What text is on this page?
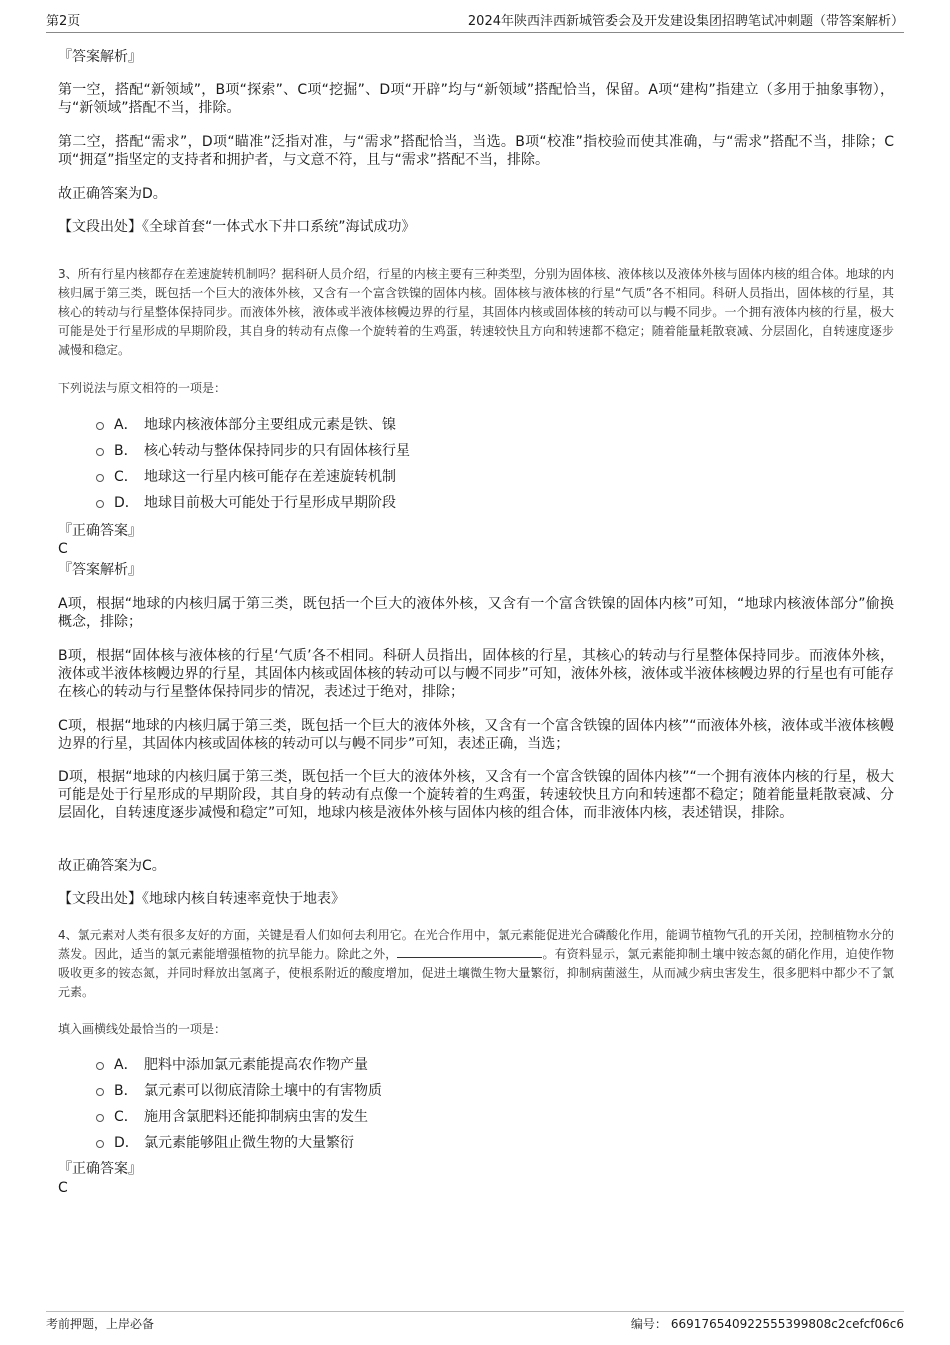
第2页	2024年陕西沣西新城管委会及开发建设集团招聘笔试冲刺题（带答案解析）
『答案解析』

第一空，搭配“新领域”，B项“探索”、C项“挖掘”、D项“开辟”均与“新领域”搭配恰当，保留。A项“建构”指建立（多用于抽象事物），与“新领域”搭配不当，排除。

第二空，搭配“需求”，D项“瞄准”泛指对准，与“需求”搭配恰当，当选。B项“校准”指校验而使其准确，与“需求”搭配不当，排除；C项“拥趸”指坚定的支持者和拥护者，与文意不符，且与“需求”搭配不当，排除。

故正确答案为D。
【文段出处】《全球首套“一体式水下井口系统”海试成功》

3、所有行星内核都存在差速旋转机制吗？据科研人员介绍，行星的内核主要有三种类型，分别为固体核、液体核以及液体外核与固体内核的组合体。地球的内核归属于第三类，既包括一个巨大的液体外核，又含有一个富含铁镍的固体内核。固体核与液体核的行星“气质”各不相同。科研人员指出，固体核的行星，其核心的转动与行星整体保持同步。而液体外核，液体或半液体核幔边界的行星，其固体内核或固体核的转动可以与幔不同步。一个拥有液体内核的行星，极大可能是处于行星形成的早期阶段，其自身的转动有点像一个旋转着的生鸡蛋，转速较快且方向和转速都不稳定；随着能量耗散衰减、分层固化，自转速度逐步减慢和稳定。

下列说法与原文相符的一项是：
A． 地球内核液体部分主要组成元素是铁、镍
B． 核心转动与整体保持同步的只有固体核行星
C． 地球这一行星内核可能存在差速旋转机制
D． 地球目前极大可能处于行星形成早期阶段
『正确答案』
C
『答案解析』

A项，根据“地球的内核归属于第三类，既包括一个巨大的液体外核，又含有一个富含铁镍的固体内核”可知，“地球内核液体部分”偷换概念，排除；

B项，根据“固体核与液体核的行星‘气质’各不相同。科研人员指出，固体核的行星，其核心的转动与行星整体保持同步。而液体外核，液体或半液体核幔边界的行星，其固体内核或固体核的转动可以与幔不同步”可知，液体外核，液体或半液体核幔边界的行星也有可能存在核心的转动与行星整体保持同步的情况，表述过于绝对，排除；

C项，根据“地球的内核归属于第三类，既包括一个巨大的液体外核，又含有一个富含铁镍的固体内核”“而液体外核，液体或半液体核幔边界的行星，其固体内核或固体核的转动可以与幔不同步”可知，表述正确，当选；

D项，根据“地球的内核归属于第三类，既包括一个巨大的液体外核，又含有一个富含铁镍的固体内核”“一个拥有液体内核的行星，极大可能是处于行星形成的早期阶段，其自身的转动有点像一个旋转着的生鸡蛋，转速较快且方向和转速都不稳定；随着能量耗散衰减、分层固化，自转速度逐步减慢和稳定”可知，地球内核是液体外核与固体内核的组合体，而非液体内核，表述错误，排除。

故正确答案为C。
【文段出处】《地球内核自转速率竟快于地表》

4、氯元素对人类有很多友好的方面，关键是看人们如何去利用它。在光合作用中，氯元素能促进光合磷酸化作用，能调节植物气孔的开关闭，控制植物水分的蒸发。因此，适当的氯元素能增强植物的抗旱能力。除此之外，	。有资料显示，氯元素能抑制土壤中铵态氮的硝化作用，迫使作物吸收更多的铵态氮，并同时释放出氢离子，使根系附近的酸度增加，促进土壤微生物大量繁衍，抑制病菌滋生，从而减少病虫害发生，很多肥料中都少不了氯元素。

填入画横线处最恰当的一项是：
A． 肥料中添加氯元素能提高农作物产量
B． 氯元素可以彻底清除土壤中的有害物质
C． 施用含氯肥料还能抑制病虫害的发生
D． 氯元素能够阻止微生物的大量繁衍
『正确答案』
C
考前押题，上岸必备	编号： 669176540922555399808c2cefcf06c6
